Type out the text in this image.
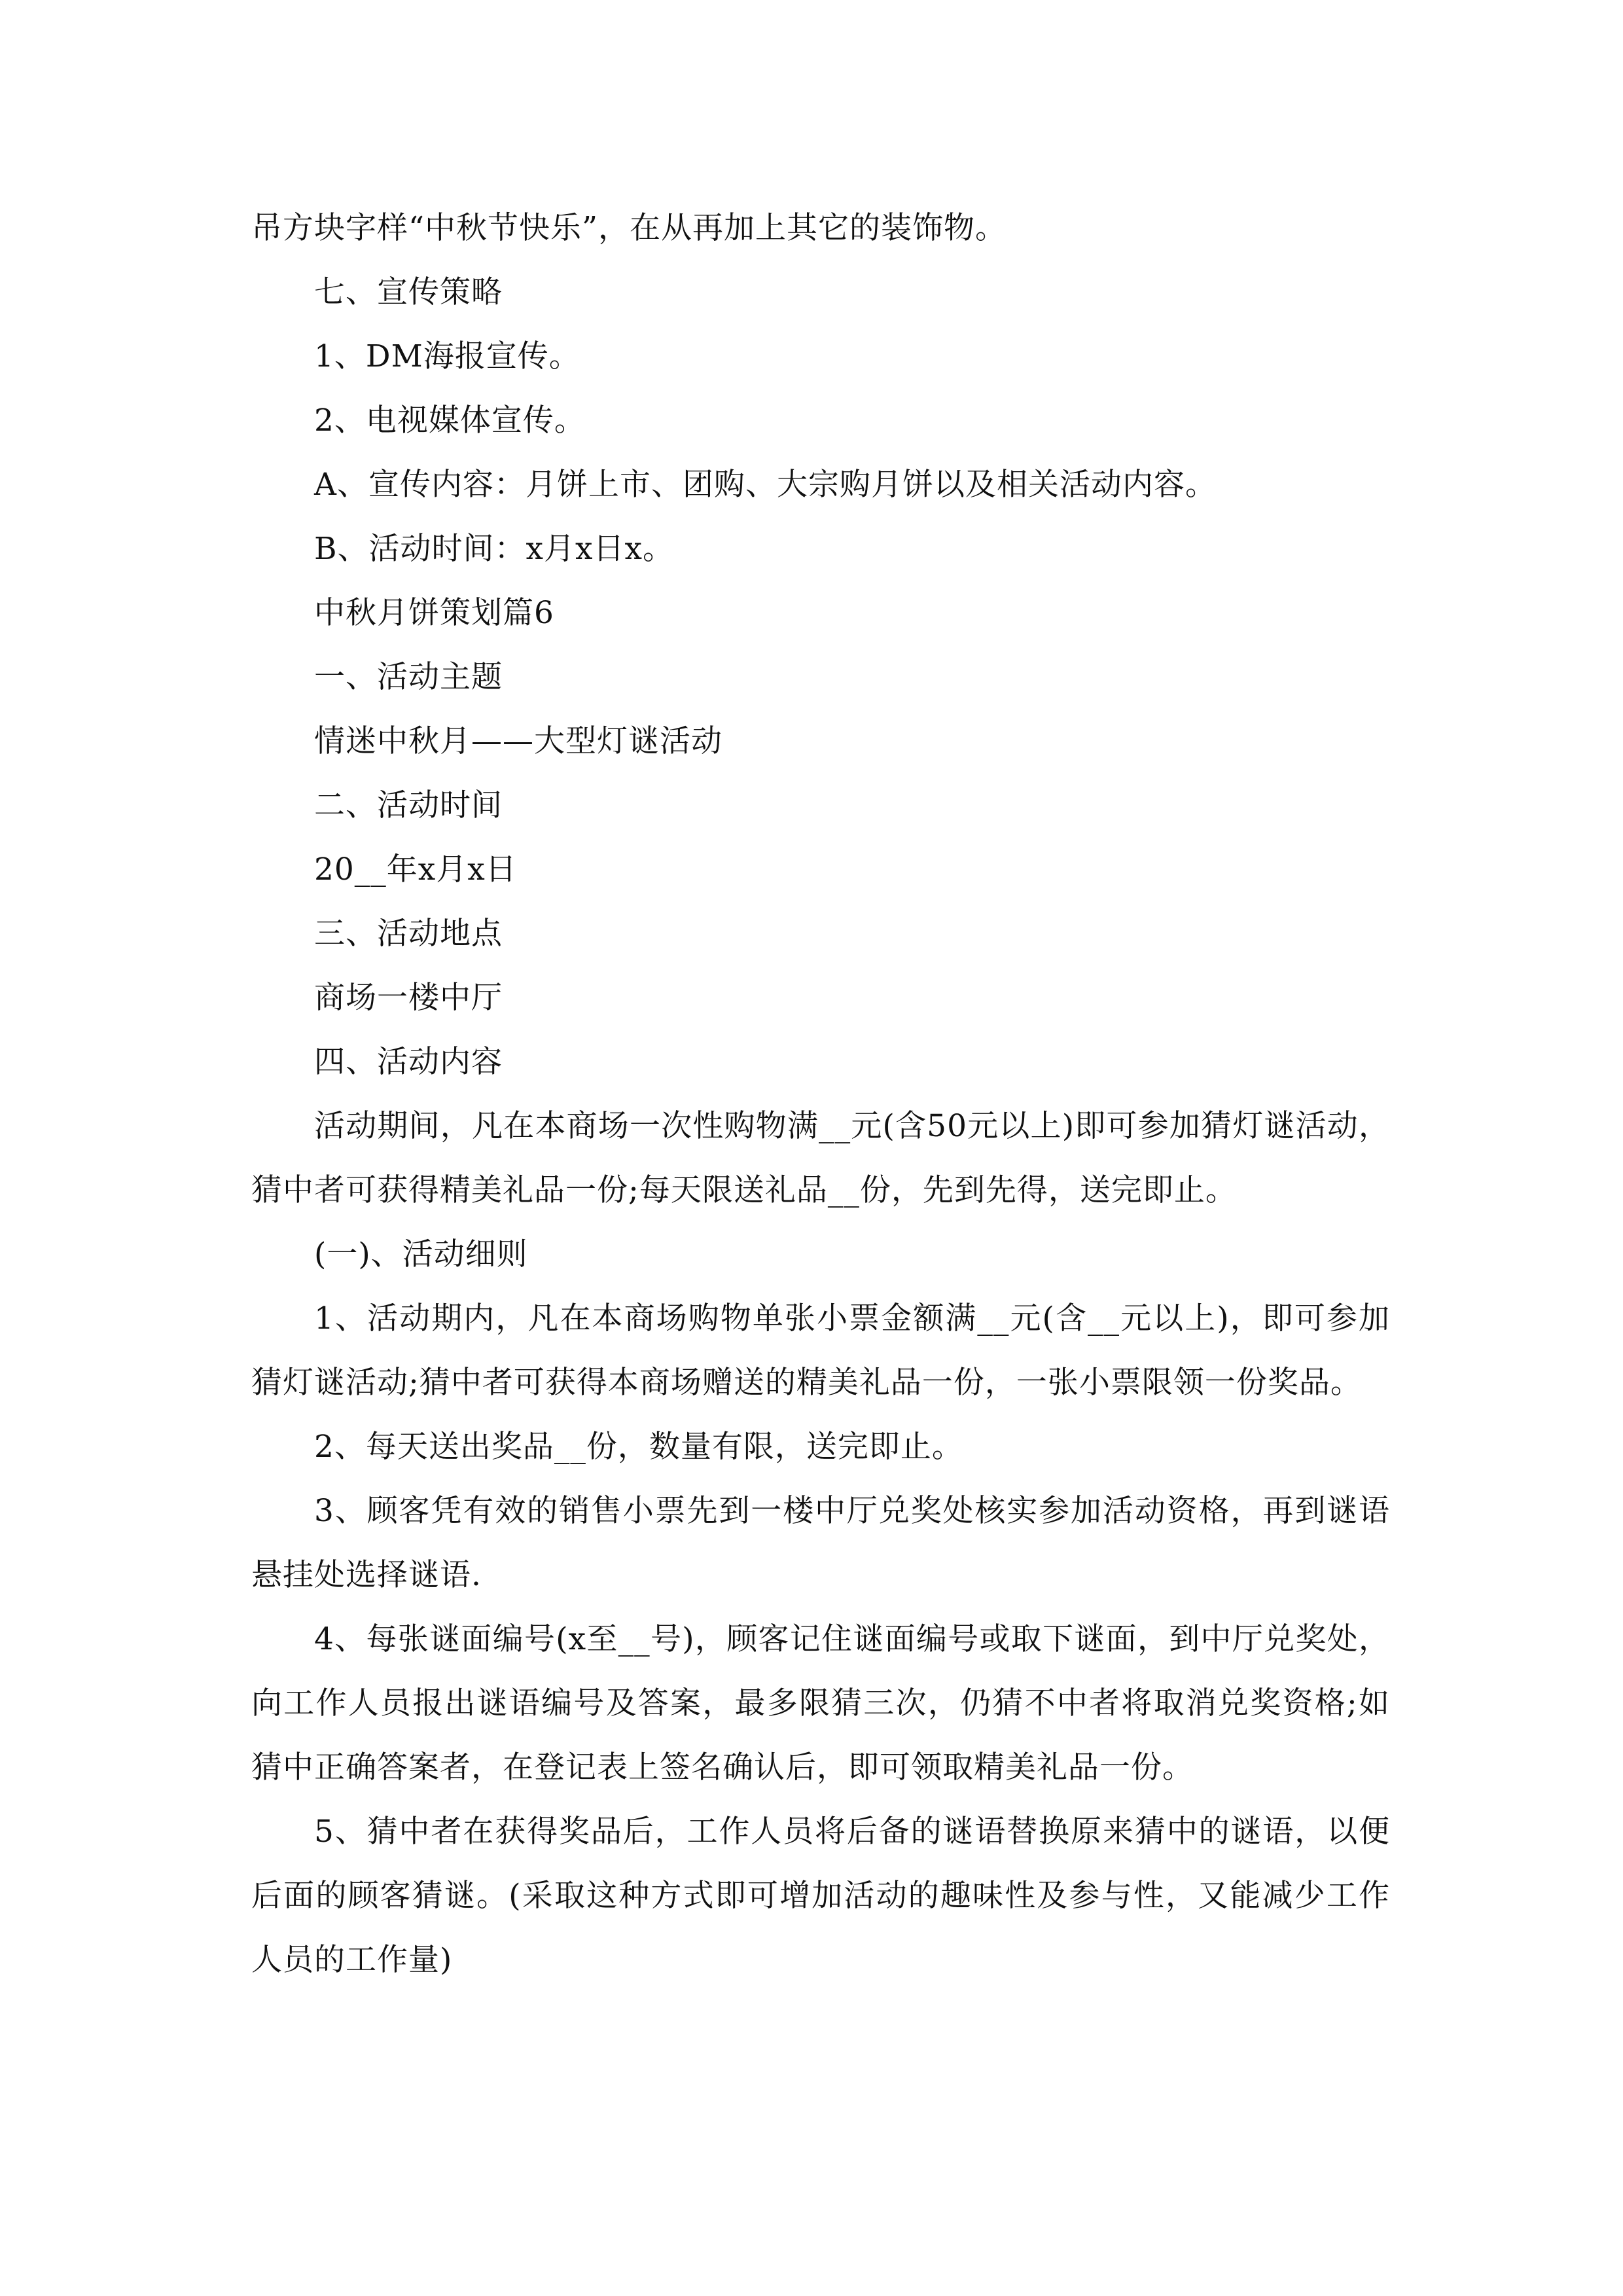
吊方块字样“中秋节快乐”，在从再加上其它的装饰物。

七、宣传策略

1、DM海报宣传。

2、电视媒体宣传。

A、宣传内容：月饼上市、团购、大宗购月饼以及相关活动内容。

B、活动时间：x月x日x。

中秋月饼策划篇6

一、活动主题

情迷中秋月——大型灯谜活动

二、活动时间

20__年x月x日

三、活动地点

商场一楼中厅

四、活动内容

活动期间，凡在本商场一次性购物满__元(含50元以上)即可参加猜灯谜活动，猜中者可获得精美礼品一份;每天限送礼品__份，先到先得，送完即止。

(一)、活动细则

1、活动期内，凡在本商场购物单张小票金额满__元(含__元以上)，即可参加猜灯谜活动;猜中者可获得本商场赠送的精美礼品一份，一张小票限领一份奖品。

2、每天送出奖品__份，数量有限，送完即止。

3、顾客凭有效的销售小票先到一楼中厅兑奖处核实参加活动资格，再到谜语悬挂处选择谜语.

4、每张谜面编号(x至__号)，顾客记住谜面编号或取下谜面，到中厅兑奖处，向工作人员报出谜语编号及答案，最多限猜三次，仍猜不中者将取消兑奖资格;如猜中正确答案者，在登记表上签名确认后，即可领取精美礼品一份。

5、猜中者在获得奖品后，工作人员将后备的谜语替换原来猜中的谜语，以便后面的顾客猜谜。(采取这种方式即可增加活动的趣味性及参与性，又能减少工作人员的工作量)
